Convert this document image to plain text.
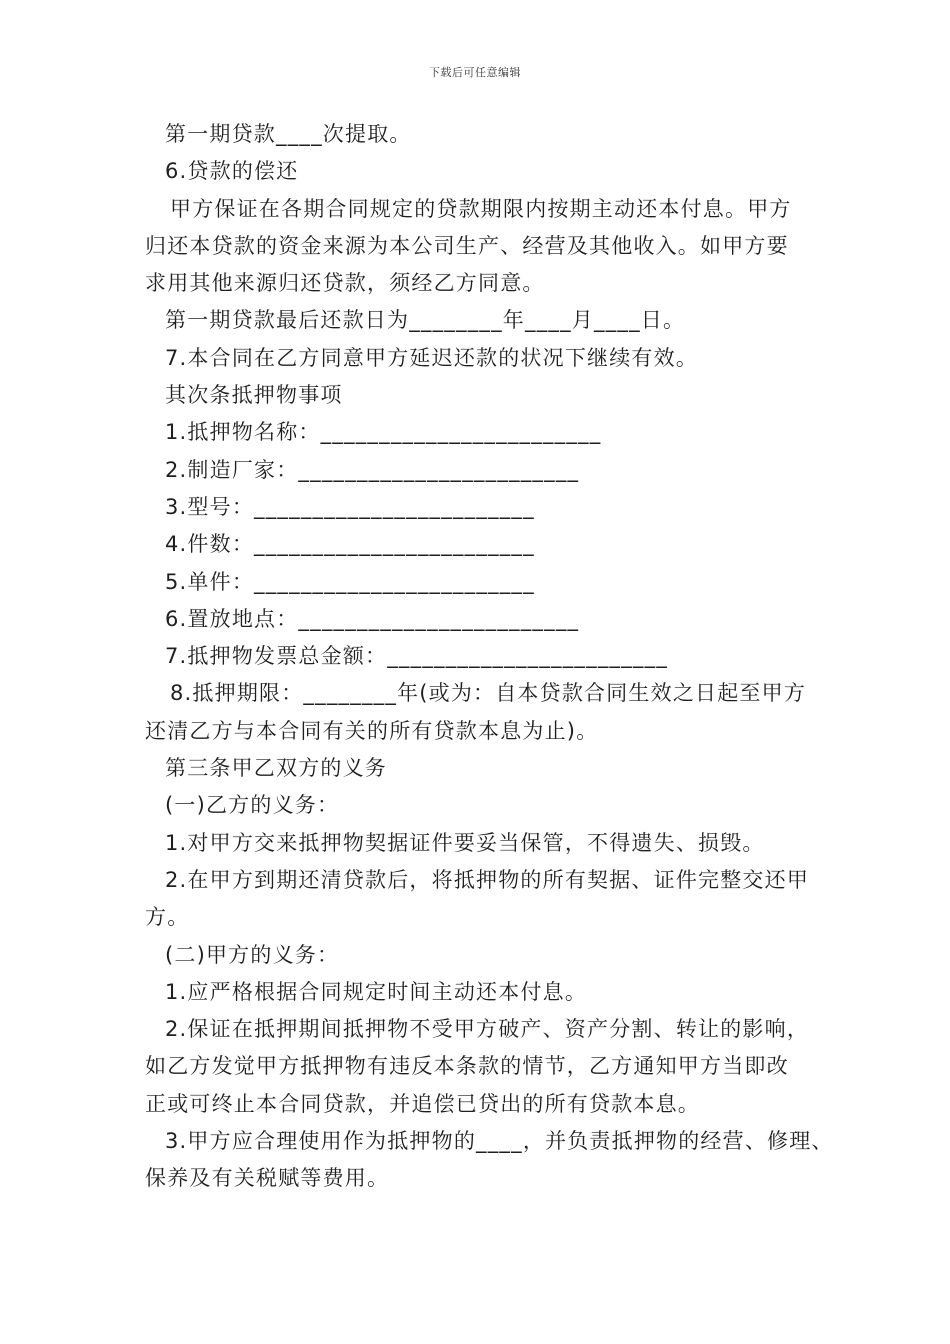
下载后可任意编辑
第一期贷款____次提取。
6.贷款的偿还
甲方保证在各期合同规定的贷款期限内按期主动还本付息。甲方
归还本贷款的资金来源为本公司生产、经营及其他收入。如甲方要
求用其他来源归还贷款，须经乙方同意。
第一期贷款最后还款日为________年____月____日。
7.本合同在乙方同意甲方延迟还款的状况下继续有效。
其次条抵押物事项
1.抵押物名称：________________________
2.制造厂家：________________________
3.型号：________________________
4.件数：________________________
5.单件：________________________
6.置放地点：________________________
7.抵押物发票总金额：________________________
8.抵押期限：________年(或为：自本贷款合同生效之日起至甲方
还清乙方与本合同有关的所有贷款本息为止)。
第三条甲乙双方的义务
(一)乙方的义务：
1.对甲方交来抵押物契据证件要妥当保管，不得遗失、损毁。
2.在甲方到期还清贷款后，将抵押物的所有契据、证件完整交还甲
方。
(二)甲方的义务：
1.应严格根据合同规定时间主动还本付息。
2.保证在抵押期间抵押物不受甲方破产、资产分割、转让的影响，
如乙方发觉甲方抵押物有违反本条款的情节，乙方通知甲方当即改
正或可终止本合同贷款，并追偿已贷出的所有贷款本息。
3.甲方应合理使用作为抵押物的____，并负责抵押物的经营、修理、
保养及有关税赋等费用。
